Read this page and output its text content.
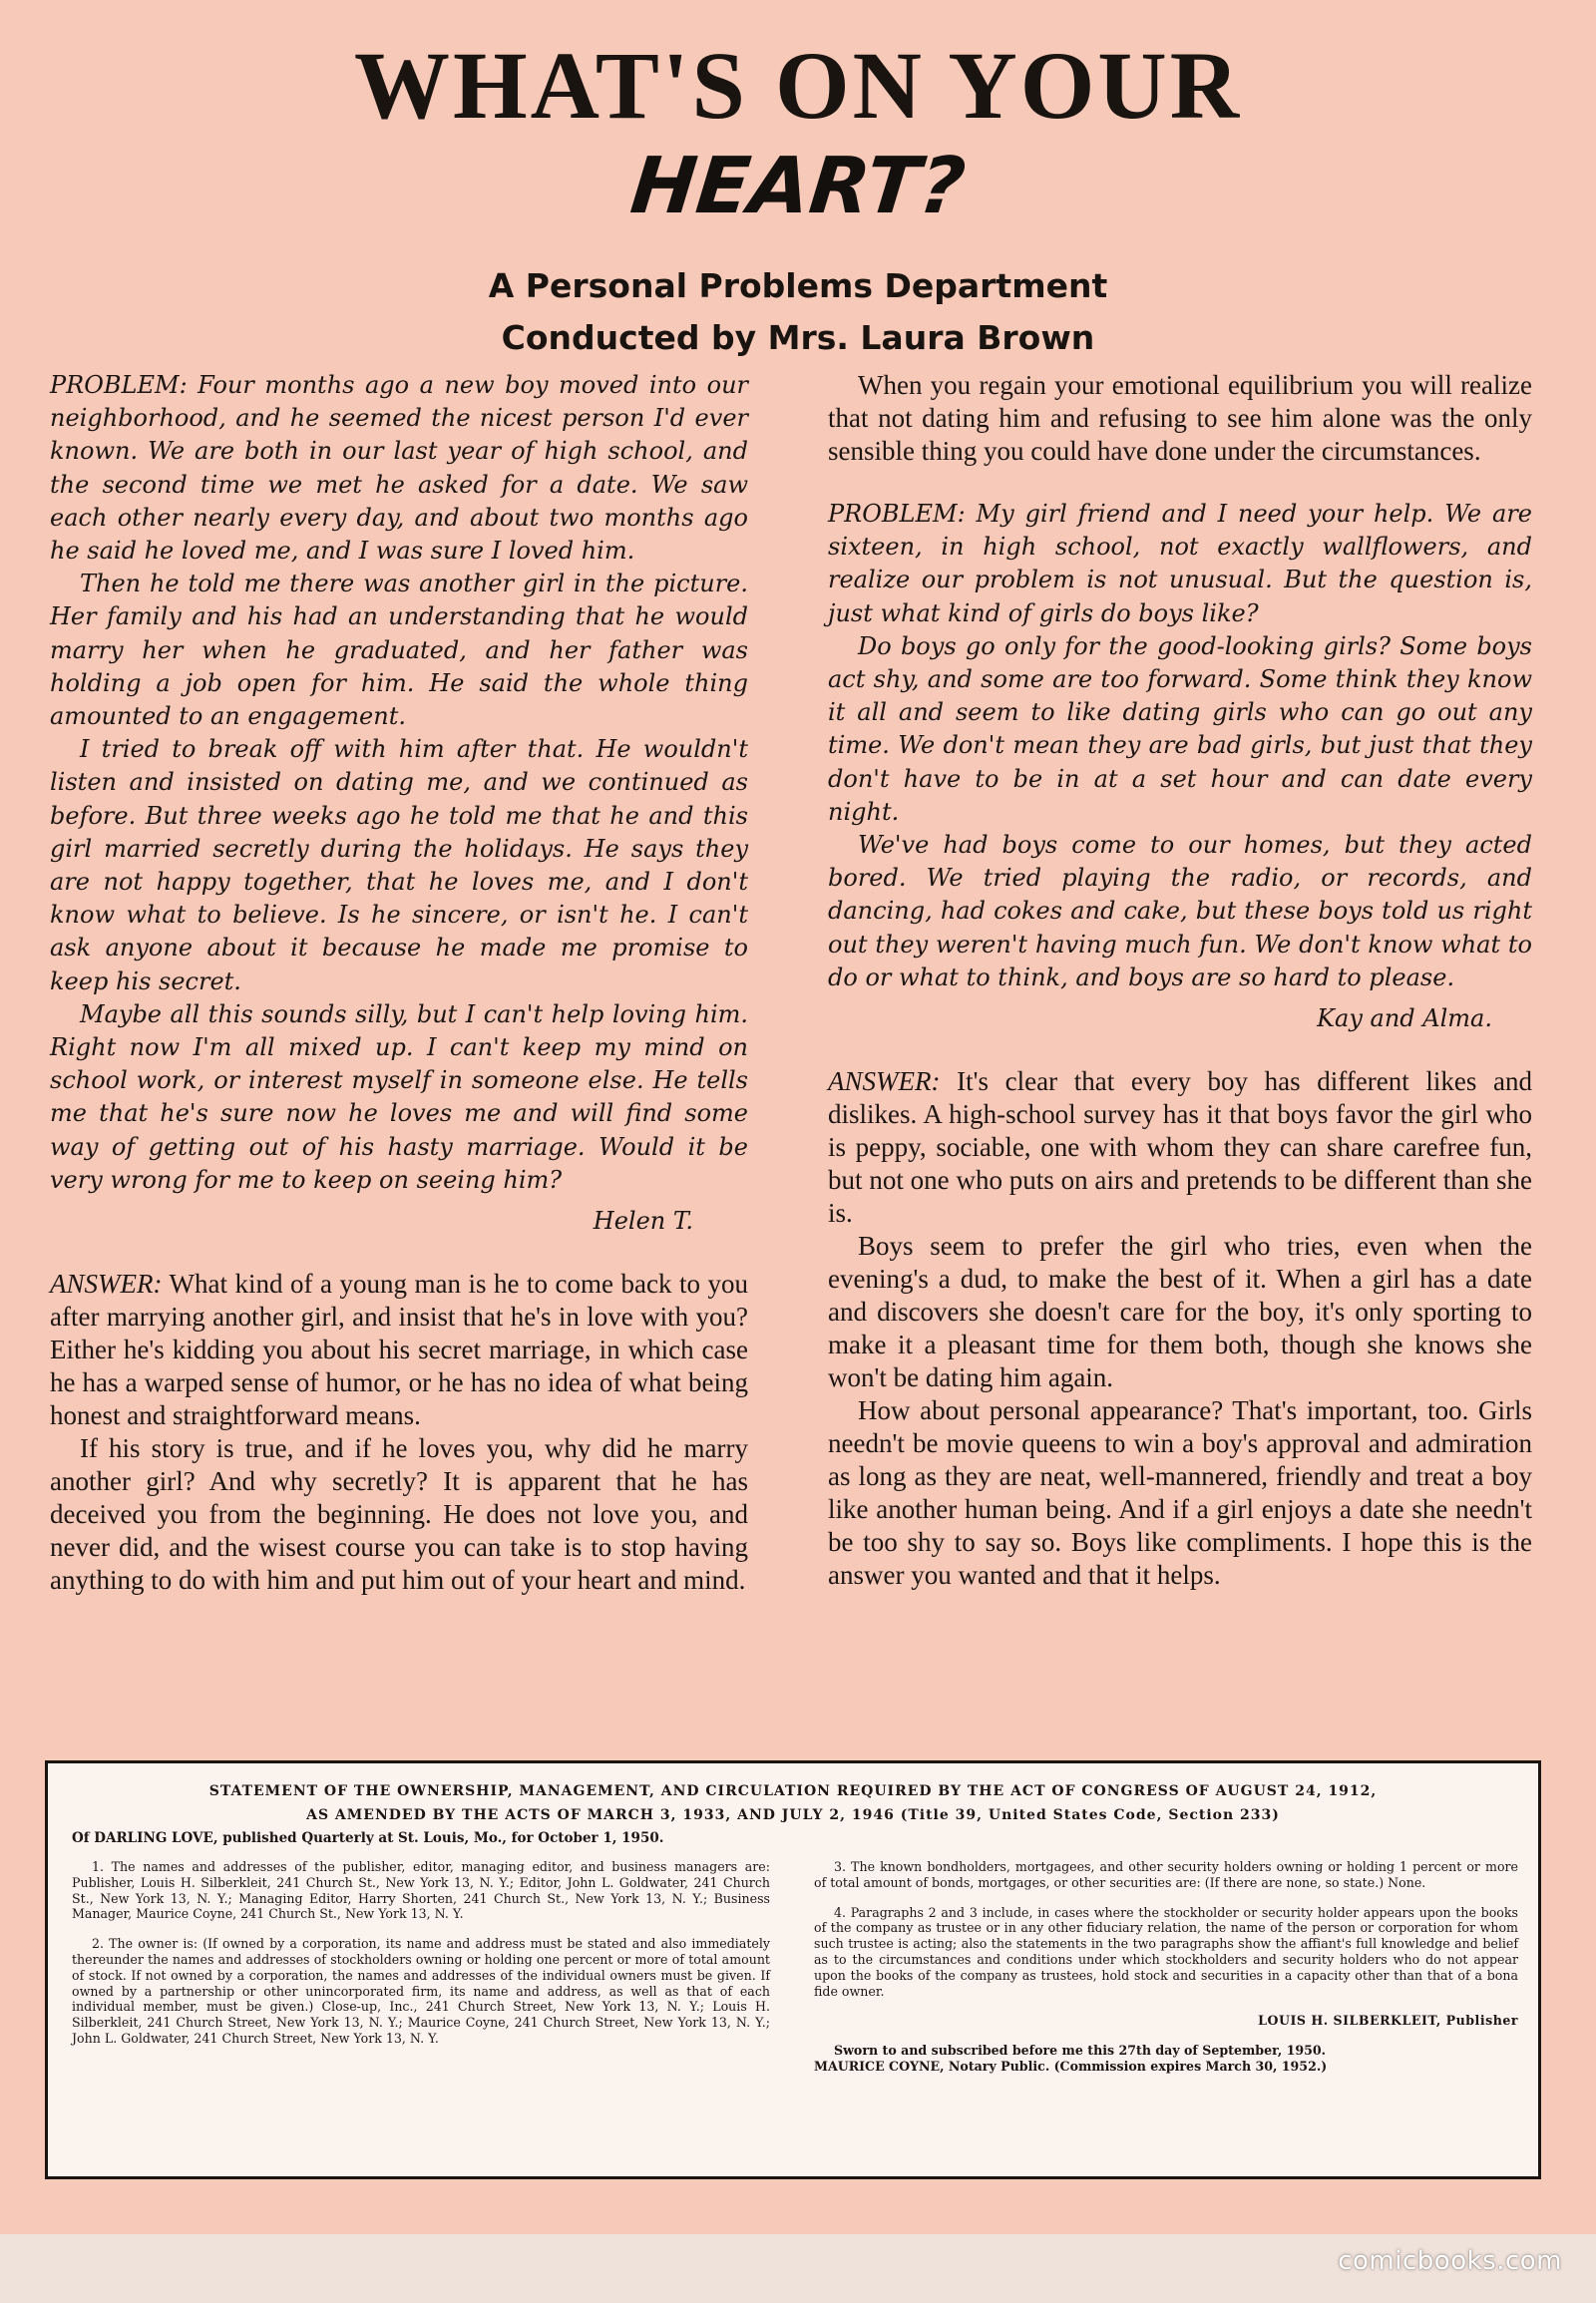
WHAT'S ON YOUR
HEART?
A Personal Problems Department
Conducted by Mrs. Laura Brown

PROBLEM: Four months ago a new boy moved into our neighborhood, and he seemed the nicest person I'd ever known. We are both in our last year of high school, and the second time we met he asked for a date. We saw each other nearly every day, and about two months ago he said he loved me, and I was sure I loved him.

Then he told me there was another girl in the picture. Her family and his had an understanding that he would marry her when he graduated, and her father was holding a job open for him. He said the whole thing amounted to an engagement.

I tried to break off with him after that. He wouldn't listen and insisted on dating me, and we continued as before. But three weeks ago he told me that he and this girl married secretly during the holidays. He says they are not happy together, that he loves me, and I don't know what to believe. Is he sincere, or isn't he. I can't ask anyone about it because he made me promise to keep his secret.

Maybe all this sounds silly, but I can't help loving him. Right now I'm all mixed up. I can't keep my mind on school work, or interest myself in someone else. He tells me that he's sure now he loves me and will find some way of getting out of his hasty marriage. Would it be very wrong for me to keep on seeing him?

Helen T.

ANSWER: What kind of a young man is he to come back to you after marrying another girl, and insist that he's in love with you? Either he's kidding you about his secret marriage, in which case he has a warped sense of humor, or he has no idea of what being honest and straightforward means.

If his story is true, and if he loves you, why did he marry another girl? And why secretly? It is apparent that he has deceived you from the beginning. He does not love you, and never did, and the wisest course you can take is to stop having anything to do with him and put him out of your heart and mind.

When you regain your emotional equilibrium you will realize that not dating him and refusing to see him alone was the only sensible thing you could have done under the circumstances.

PROBLEM: My girl friend and I need your help. We are sixteen, in high school, not exactly wallflowers, and realize our problem is not unusual. But the question is, just what kind of girls do boys like?

Do boys go only for the good-looking girls? Some boys act shy, and some are too forward. Some think they know it all and seem to like dating girls who can go out any time. We don't mean they are bad girls, but just that they don't have to be in at a set hour and can date every night.

We've had boys come to our homes, but they acted bored. We tried playing the radio, or records, and dancing, had cokes and cake, but these boys told us right out they weren't having much fun. We don't know what to do or what to think, and boys are so hard to please.

Kay and Alma.

ANSWER: It's clear that every boy has different likes and dislikes. A high-school survey has it that boys favor the girl who is peppy, sociable, one with whom they can share carefree fun, but not one who puts on airs and pretends to be different than she is.

Boys seem to prefer the girl who tries, even when the evening's a dud, to make the best of it. When a girl has a date and discovers she doesn't care for the boy, it's only sporting to make it a pleasant time for them both, though she knows she won't be dating him again.

How about personal appearance? That's important, too. Girls needn't be movie queens to win a boy's approval and admiration as long as they are neat, well-mannered, friendly and treat a boy like another human being. And if a girl enjoys a date she needn't be too shy to say so. Boys like compliments. I hope this is the answer you wanted and that it helps.

STATEMENT OF THE OWNERSHIP, MANAGEMENT, AND CIRCULATION REQUIRED BY THE ACT OF CONGRESS OF AUGUST 24, 1912,

AS AMENDED BY THE ACTS OF MARCH 3, 1933, AND JULY 2, 1946 (Title 39, United States Code, Section 233)

Of DARLING LOVE, published Quarterly at St. Louis, Mo., for October 1, 1950.

1. The names and addresses of the publisher, editor, managing editor, and business managers are: Publisher, Louis H. Silberkleit, 241 Church St., New York 13, N. Y.; Editor, John L. Goldwater, 241 Church St., New York 13, N. Y.; Managing Editor, Harry Shorten, 241 Church St., New York 13, N. Y.; Business Manager, Maurice Coyne, 241 Church St., New York 13, N. Y.

2. The owner is: (If owned by a corporation, its name and address must be stated and also immediately thereunder the names and addresses of stockholders owning or holding one percent or more of total amount of stock. If not owned by a corporation, the names and addresses of the individual owners must be given. If owned by a partnership or other unincorporated firm, its name and address, as well as that of each individual member, must be given.) Close-up, Inc., 241 Church Street, New York 13, N. Y.; Louis H. Silberkleit, 241 Church Street, New York 13, N. Y.; Maurice Coyne, 241 Church Street, New York 13, N. Y.; John L. Goldwater, 241 Church Street, New York 13, N. Y.

3. The known bondholders, mortgagees, and other security holders owning or holding 1 percent or more of total amount of bonds, mortgages, or other securities are: (If there are none, so state.) None.

4. Paragraphs 2 and 3 include, in cases where the stockholder or security holder appears upon the books of the company as trustee or in any other fiduciary relation, the name of the person or corporation for whom such trustee is acting; also the statements in the two paragraphs show the affiant's full knowledge and belief as to the circumstances and conditions under which stockholders and security holders who do not appear upon the books of the company as trustees, hold stock and securities in a capacity other than that of a bona fide owner.

LOUIS H. SILBERKLEIT, Publisher

Sworn to and subscribed before me this 27th day of September, 1950.

MAURICE COYNE, Notary Public. (Commission expires March 30, 1952.)

comicbooks.com
